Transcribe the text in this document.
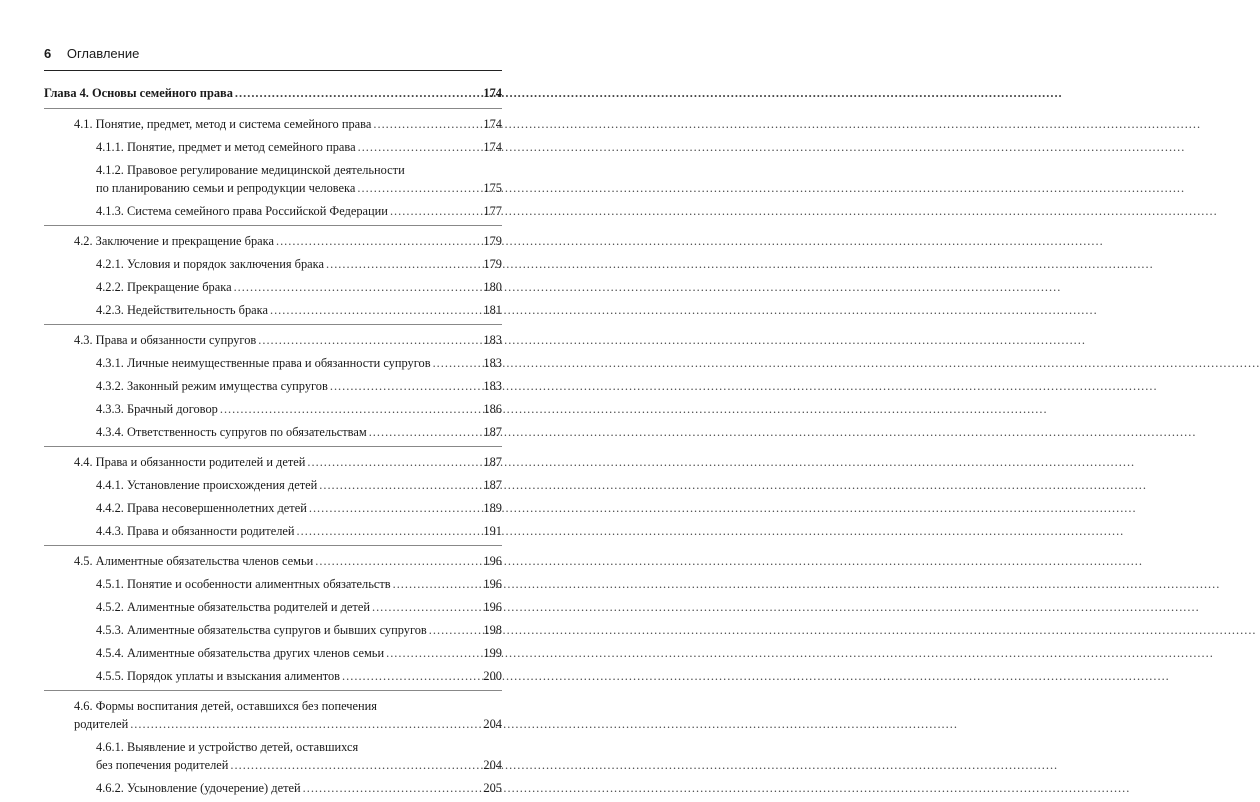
6 Оглавление
Глава 4. Основы семейного права .....	174
4.1. Понятие, предмет, метод и система семейного права .....	174
4.1.1. Понятие, предмет и метод семейного права .....	174
4.1.2. Правовое регулирование медицинской деятельности
по планированию семьи и репродукции человека .....	175
4.1.3. Система семейного права Российской Федерации .....	177
4.2. Заключение и прекращение брака .....	179
4.2.1. Условия и порядок заключения брака .....	179
4.2.2. Прекращение брака .....	180
4.2.3. Недействительность брака .....	181
4.3. Права и обязанности супругов .....	183
4.3.1. Личные неимущественные права и обязанности супругов .....	183
4.3.2. Законный режим имущества супругов .....	183
4.3.3. Брачный договор .....	186
4.3.4. Ответственность супругов по обязательствам .....	187
4.4. Права и обязанности родителей и детей .....	187
4.4.1. Установление происхождения детей .....	187
4.4.2. Права несовершеннолетних детей .....	189
4.4.3. Права и обязанности родителей .....	191
4.5. Алиментные обязательства членов семьи .....	196
4.5.1. Понятие и особенности алиментных обязательств .....	196
4.5.2. Алиментные обязательства родителей и детей .....	196
4.5.3. Алиментные обязательства супругов и бывших супругов .....	198
4.5.4. Алиментные обязательства других членов семьи .....	199
4.5.5. Порядок уплаты и взыскания алиментов .....	200
4.6. Формы воспитания детей, оставшихся без попечения
родителей .....	204
4.6.1. Выявление и устройство детей, оставшихся
без попечения родителей .....	204
4.6.2. Усыновление (удочерение) детей .....	205
